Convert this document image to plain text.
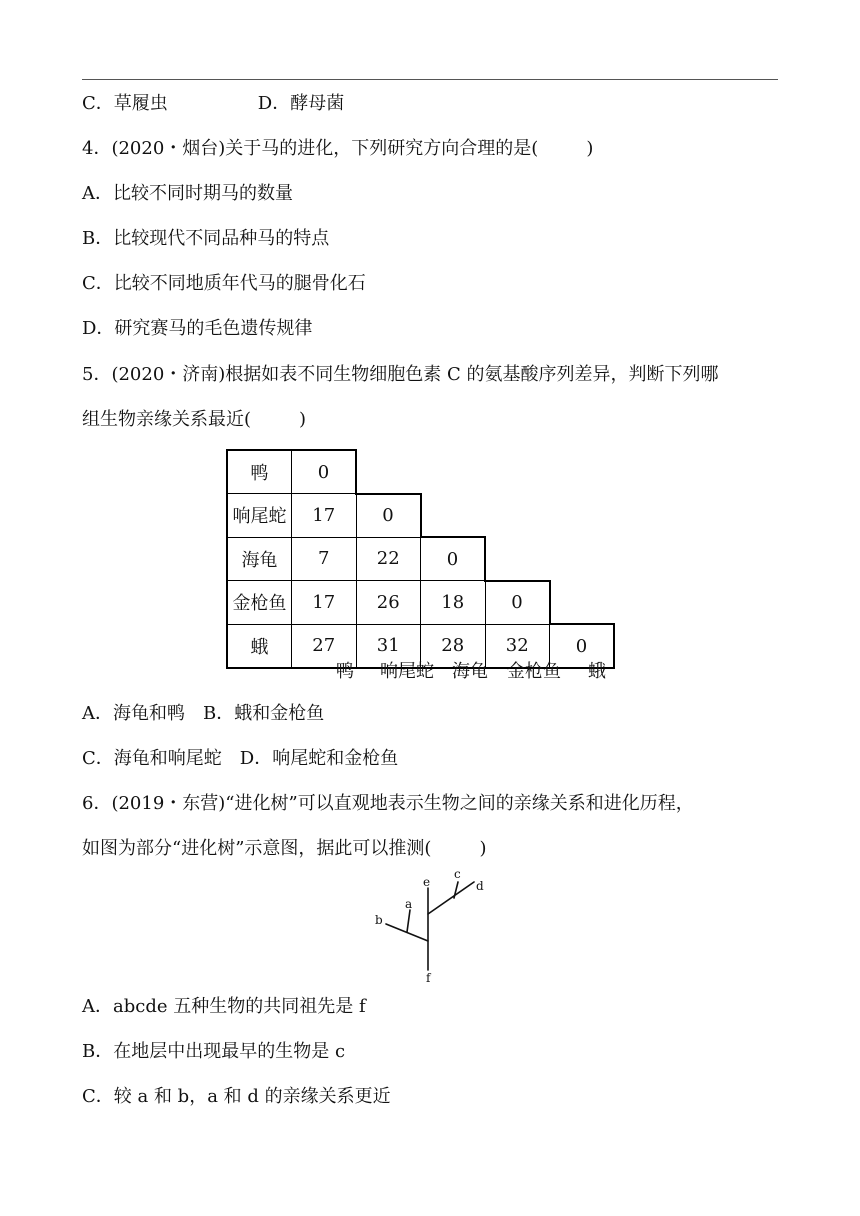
C．草履虫	D．酵母菌
4．(2020・烟台)关于马的进化，下列研究方向合理的是(	)
A．比较不同时期马的数量
B．比较现代不同品种马的特点
C．比较不同地质年代马的腿骨化石
D．研究赛马的毛色遗传规律
5．(2020・济南)根据如表不同生物细胞色素 C 的氨基酸序列差异，判断下列哪
组生物亲缘关系最近(	)
鸭	0				
响尾蛇	17	0			
海龟	7	22	0		
金枪鱼	17	26	18	0	
蛾	27	31	28	32	0
鸭 响尾蛇 海龟 金枪鱼 蛾
A．海龟和鸭 B．蛾和金枪鱼
C．海龟和响尾蛇 D．响尾蛇和金枪鱼
6．(2019・东营)“进化树”可以直观地表示生物之间的亲缘关系和进化历程，
如图为部分“进化树”示意图，据此可以推测(	)
e
c
d
a
b
f
A．abcde 五种生物的共同祖先是 f
B．在地层中出现最早的生物是 c
C．较 a 和 b，a 和 d 的亲缘关系更近
